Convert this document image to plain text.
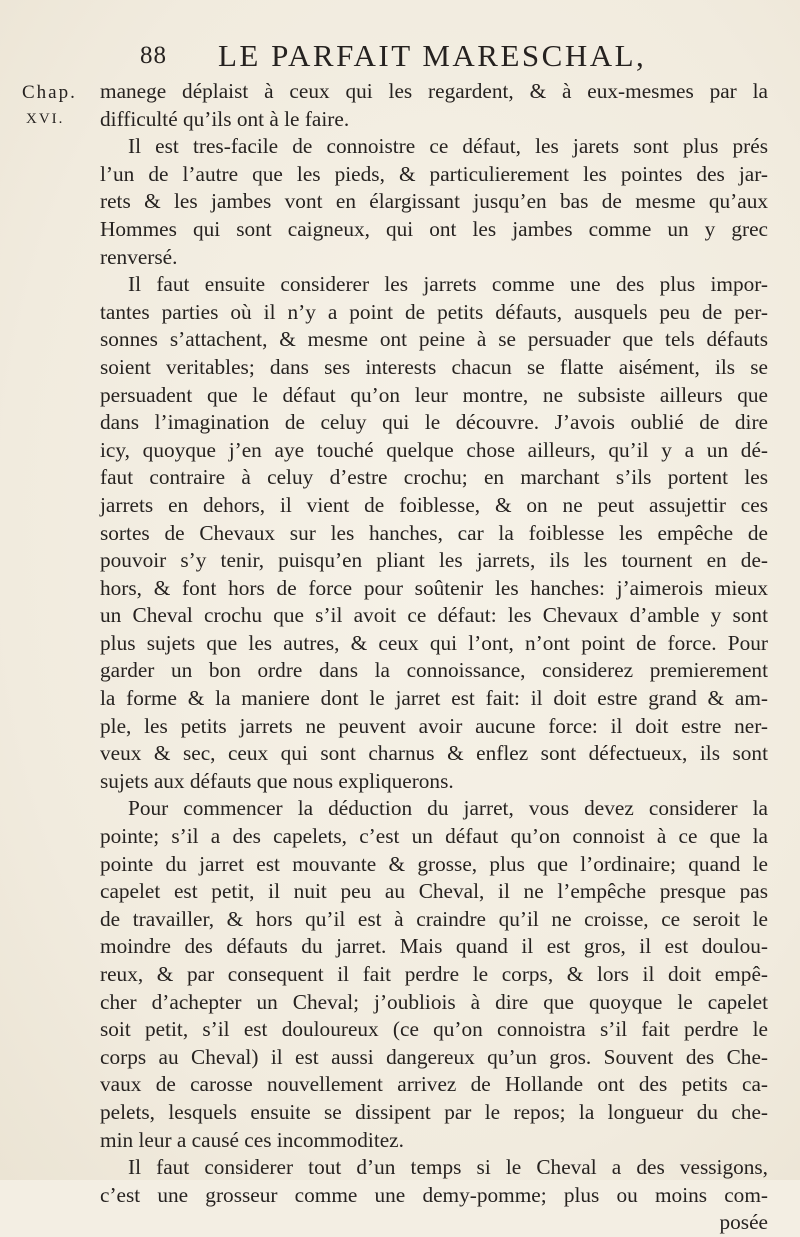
88 LE PARFAIT MARESCHAL,
Chap.
XVI.
manege déplaist à ceux qui les regardent, & à eux-mesmes par la
difficulté qu’ils ont à le faire.
Il est tres-facile de connoistre ce défaut, les jarets sont plus prés
l’un de l’autre que les pieds, & particulierement les pointes des jar-
rets & les jambes vont en élargissant jusqu’en bas de mesme qu’aux
Hommes qui sont caigneux, qui ont les jambes comme un y grec
renversé.
Il faut ensuite considerer les jarrets comme une des plus impor-
tantes parties où il n’y a point de petits défauts, ausquels peu de per-
sonnes s’attachent, & mesme ont peine à se persuader que tels défauts
soient veritables; dans ses interests chacun se flatte aisément, ils se
persuadent que le défaut qu’on leur montre, ne subsiste ailleurs que
dans l’imagination de celuy qui le découvre. J’avois oublié de dire
icy, quoyque j’en aye touché quelque chose ailleurs, qu’il y a un dé-
faut contraire à celuy d’estre crochu; en marchant s’ils portent les
jarrets en dehors, il vient de foiblesse, & on ne peut assujettir ces
sortes de Chevaux sur les hanches, car la foiblesse les empêche de
pouvoir s’y tenir, puisqu’en pliant les jarrets, ils les tournent en de-
hors, & font hors de force pour soûtenir les hanches: j’aimerois mieux
un Cheval crochu que s’il avoit ce défaut: les Chevaux d’amble y sont
plus sujets que les autres, & ceux qui l’ont, n’ont point de force. Pour
garder un bon ordre dans la connoissance, considerez premierement
la forme & la maniere dont le jarret est fait: il doit estre grand & am-
ple, les petits jarrets ne peuvent avoir aucune force: il doit estre ner-
veux & sec, ceux qui sont charnus & enflez sont défectueux, ils sont
sujets aux défauts que nous expliquerons.
Pour commencer la déduction du jarret, vous devez considerer la
pointe; s’il a des capelets, c’est un défaut qu’on connoist à ce que la
pointe du jarret est mouvante & grosse, plus que l’ordinaire; quand le
capelet est petit, il nuit peu au Cheval, il ne l’empêche presque pas
de travailler, & hors qu’il est à craindre qu’il ne croisse, ce seroit le
moindre des défauts du jarret. Mais quand il est gros, il est doulou-
reux, & par consequent il fait perdre le corps, & lors il doit empê-
cher d’achepter un Cheval; j’oubliois à dire que quoyque le capelet
soit petit, s’il est douloureux (ce qu’on connoistra s’il fait perdre le
corps au Cheval) il est aussi dangereux qu’un gros. Souvent des Che-
vaux de carosse nouvellement arrivez de Hollande ont des petits ca-
pelets, lesquels ensuite se dissipent par le repos; la longueur du che-
min leur a causé ces incommoditez.
Il faut considerer tout d’un temps si le Cheval a des vessigons,
c’est une grosseur comme une demy-pomme; plus ou moins com-
posée
